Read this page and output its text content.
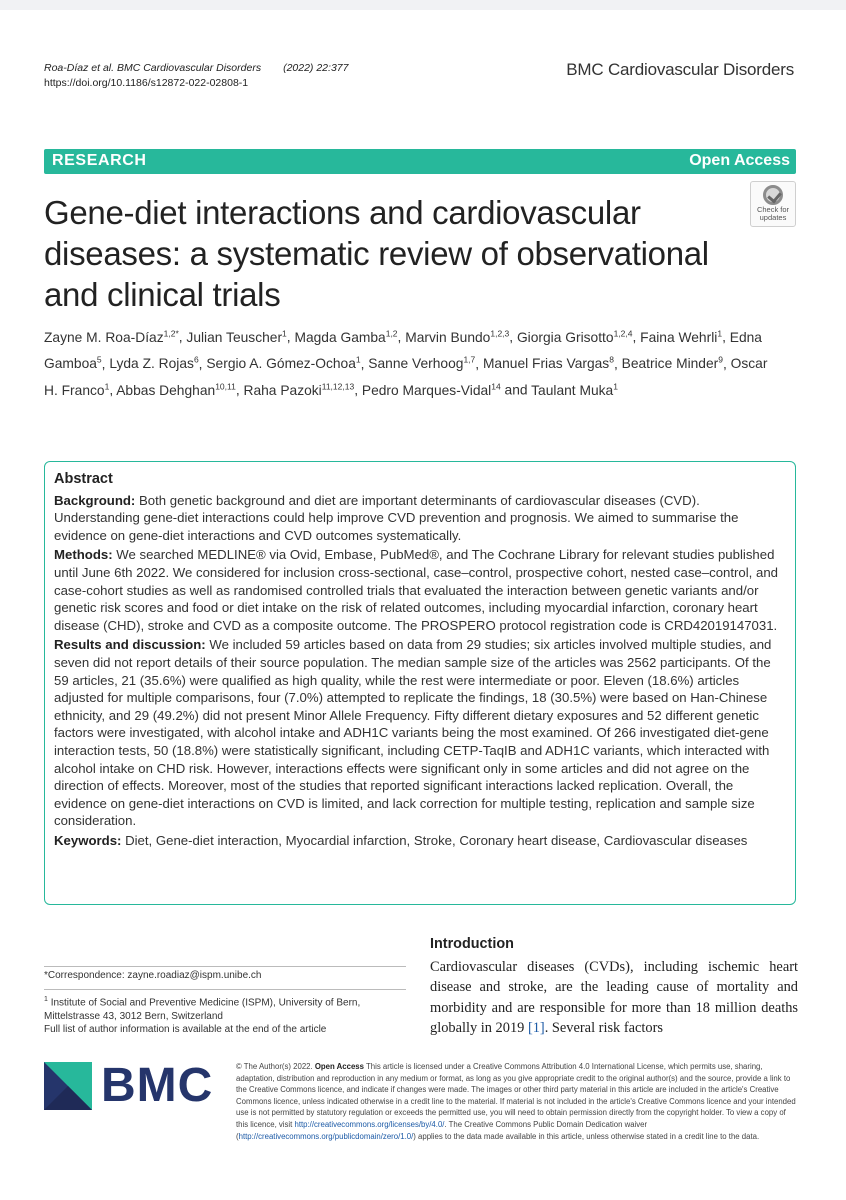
Roa-Díaz et al. BMC Cardiovascular Disorders (2022) 22:377
https://doi.org/10.1186/s12872-022-02808-1
BMC Cardiovascular Disorders
RESEARCH	Open Access
Check for
updates
Gene-diet interactions and cardiovascular diseases: a systematic review of observational and clinical trials
Zayne M. Roa-Díaz$^{1,2*}$, Julian Teuscher$^1$, Magda Gamba$^{1,2}$, Marvin Bundo$^{1,2,3}$, Giorgia Grisotto$^{1,2,4}$, Faina Wehrli$^1$, Edna Gamboa$^5$, Lyda Z. Rojas$^6$, Sergio A. Gómez-Ochoa$^1$, Sanne Verhoog$^{1,7}$, Manuel Frias Vargas$^8$, Beatrice Minder$^9$, Oscar H. Franco$^1$, Abbas Dehghan$^{10,11}$, Raha Pazoki$^{11,12,13}$, Pedro Marques-Vidal$^{14}$ and Taulant Muka$^1$
Abstract

Background: Both genetic background and diet are important determinants of cardiovascular diseases (CVD). Understanding gene-diet interactions could help improve CVD prevention and prognosis. We aimed to summarise the evidence on gene-diet interactions and CVD outcomes systematically.

Methods: We searched MEDLINE® via Ovid, Embase, PubMed®, and The Cochrane Library for relevant studies published until June 6th 2022. We considered for inclusion cross-sectional, case–control, prospective cohort, nested case–control, and case-cohort studies as well as randomised controlled trials that evaluated the interaction between genetic variants and/or genetic risk scores and food or diet intake on the risk of related outcomes, including myocardial infarction, coronary heart disease (CHD), stroke and CVD as a composite outcome. The PROSPERO protocol registration code is CRD42019147031.

Results and discussion: We included 59 articles based on data from 29 studies; six articles involved multiple studies, and seven did not report details of their source population. The median sample size of the articles was 2562 participants. Of the 59 articles, 21 (35.6%) were qualified as high quality, while the rest were intermediate or poor. Eleven (18.6%) articles adjusted for multiple comparisons, four (7.0%) attempted to replicate the findings, 18 (30.5%) were based on Han-Chinese ethnicity, and 29 (49.2%) did not present Minor Allele Frequency. Fifty different dietary exposures and 52 different genetic factors were investigated, with alcohol intake and ADH1C variants being the most examined. Of 266 investigated diet-gene interaction tests, 50 (18.8%) were statistically significant, including CETP-TaqIB and ADH1C variants, which interacted with alcohol intake on CHD risk. However, interactions effects were significant only in some articles and did not agree on the direction of effects. Moreover, most of the studies that reported significant interactions lacked replication. Overall, the evidence on gene-diet interactions on CVD is limited, and lack correction for multiple testing, replication and sample size consideration.

Keywords: Diet, Gene-diet interaction, Myocardial infarction, Stroke, Coronary heart disease, Cardiovascular diseases

Introduction
Cardiovascular diseases (CVDs), including ischemic heart disease and stroke, are the leading cause of mortality and morbidity and are responsible for more than 18 million deaths globally in 2019 [1]. Several risk factors
*Correspondence: zayne.roadiaz@ispm.unibe.ch
$^1$ Institute of Social and Preventive Medicine (ISPM), University of Bern, Mittelstrasse 43, 3012 Bern, Switzerland
Full list of author information is available at the end of the article
BMC	© The Author(s) 2022. Open Access This article is licensed under a Creative Commons Attribution 4.0 International License, which permits use, sharing, adaptation, distribution and reproduction in any medium or format, as long as you give appropriate credit to the original author(s) and the source, provide a link to the Creative Commons licence, and indicate if changes were made. The images or other third party material in this article are included in the article's Creative Commons licence, unless indicated otherwise in a credit line to the material. If material is not included in the article's Creative Commons licence and your intended use is not permitted by statutory regulation or exceeds the permitted use, you will need to obtain permission directly from the copyright holder. To view a copy of this licence, visit http://creativecommons.org/licenses/by/4.0/. The Creative Commons Public Domain Dedication waiver (http://creativecommons.org/publicdomain/zero/1.0/) applies to the data made available in this article, unless otherwise stated in a credit line to the data.
